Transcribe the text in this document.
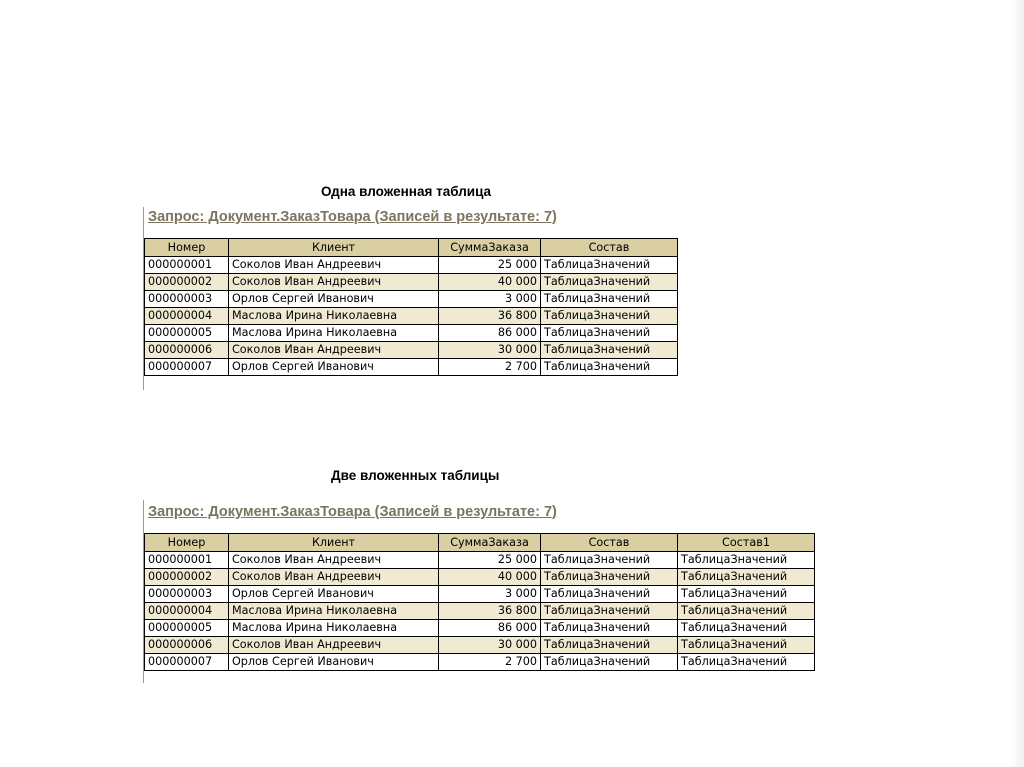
Одна вложенная таблица
Запрос: Документ.ЗаказТовара (Записей в результате: 7)
Номер	Клиент	СуммаЗаказа	Состав
000000001	Соколов Иван Андреевич	25 000	ТаблицаЗначений
000000002	Соколов Иван Андреевич	40 000	ТаблицаЗначений
000000003	Орлов Сергей Иванович	3 000	ТаблицаЗначений
000000004	Маслова Ирина Николаевна	36 800	ТаблицаЗначений
000000005	Маслова Ирина Николаевна	86 000	ТаблицаЗначений
000000006	Соколов Иван Андреевич	30 000	ТаблицаЗначений
000000007	Орлов Сергей Иванович	2 700	ТаблицаЗначений
Две вложенных таблицы
Запрос: Документ.ЗаказТовара (Записей в результате: 7)
Номер	Клиент	СуммаЗаказа	Состав	Состав1
000000001	Соколов Иван Андреевич	25 000	ТаблицаЗначений	ТаблицаЗначений
000000002	Соколов Иван Андреевич	40 000	ТаблицаЗначений	ТаблицаЗначений
000000003	Орлов Сергей Иванович	3 000	ТаблицаЗначений	ТаблицаЗначений
000000004	Маслова Ирина Николаевна	36 800	ТаблицаЗначений	ТаблицаЗначений
000000005	Маслова Ирина Николаевна	86 000	ТаблицаЗначений	ТаблицаЗначений
000000006	Соколов Иван Андреевич	30 000	ТаблицаЗначений	ТаблицаЗначений
000000007	Орлов Сергей Иванович	2 700	ТаблицаЗначений	ТаблицаЗначений
